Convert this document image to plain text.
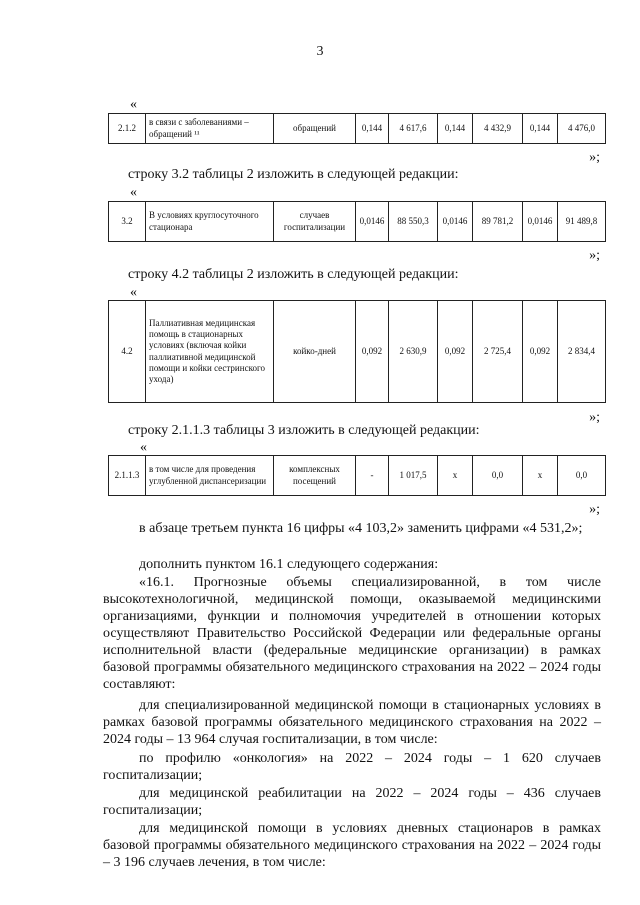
3
«
2.1.2	в связи с заболеваниями – обращений ¹¹	обращений	0,144	4 617,6	0,144	4 432,9	0,144	4 476,0
»;
строку 3.2 таблицы 2 изложить в следующей редакции:
«
3.2	В условиях круглосуточного стационара	случаев госпитализации	0,0146	88 550,3	0,0146	89 781,2	0,0146	91 489,8
»;
строку 4.2 таблицы 2 изложить в следующей редакции:
«
4.2	Паллиативная медицинская помощь в стационарных условиях (включая койки паллиативной медицинской помощи и койки сестринского ухода)	койко-дней	0,092	2 630,9	0,092	2 725,4	0,092	2 834,4
»;
строку 2.1.1.3 таблицы 3 изложить в следующей редакции:
«
2.1.1.3	в том числе для проведения углубленной диспансеризации	комплексных посещений	-	1 017,5	х	0,0	х	0,0
»;
в абзаце третьем пункта 16 цифры «4 103,2» заменить цифрами «4 531,2»;
дополнить пунктом 16.1 следующего содержания:
«16.1. Прогнозные объемы специализированной, в том числе высокотехнологичной, медицинской помощи, оказываемой медицинскими организациями, функции и полномочия учредителей в отношении которых осуществляют Правительство Российской Федерации или федеральные органы исполнительной власти (федеральные медицинские организации) в рамках базовой программы обязательного медицинского страхования на 2022 – 2024 годы составляют:
для специализированной медицинской помощи в стационарных условиях в рамках базовой программы обязательного медицинского страхования на 2022 – 2024 годы – 13 964 случая госпитализации, в том числе:
по профилю «онкология» на 2022 – 2024 годы – 1 620 случаев госпитализации;
для медицинской реабилитации на 2022 – 2024 годы – 436 случаев госпитализации;
для медицинской помощи в условиях дневных стационаров в рамках базовой программы обязательного медицинского страхования на 2022 – 2024 годы – 3 196 случаев лечения, в том числе:
